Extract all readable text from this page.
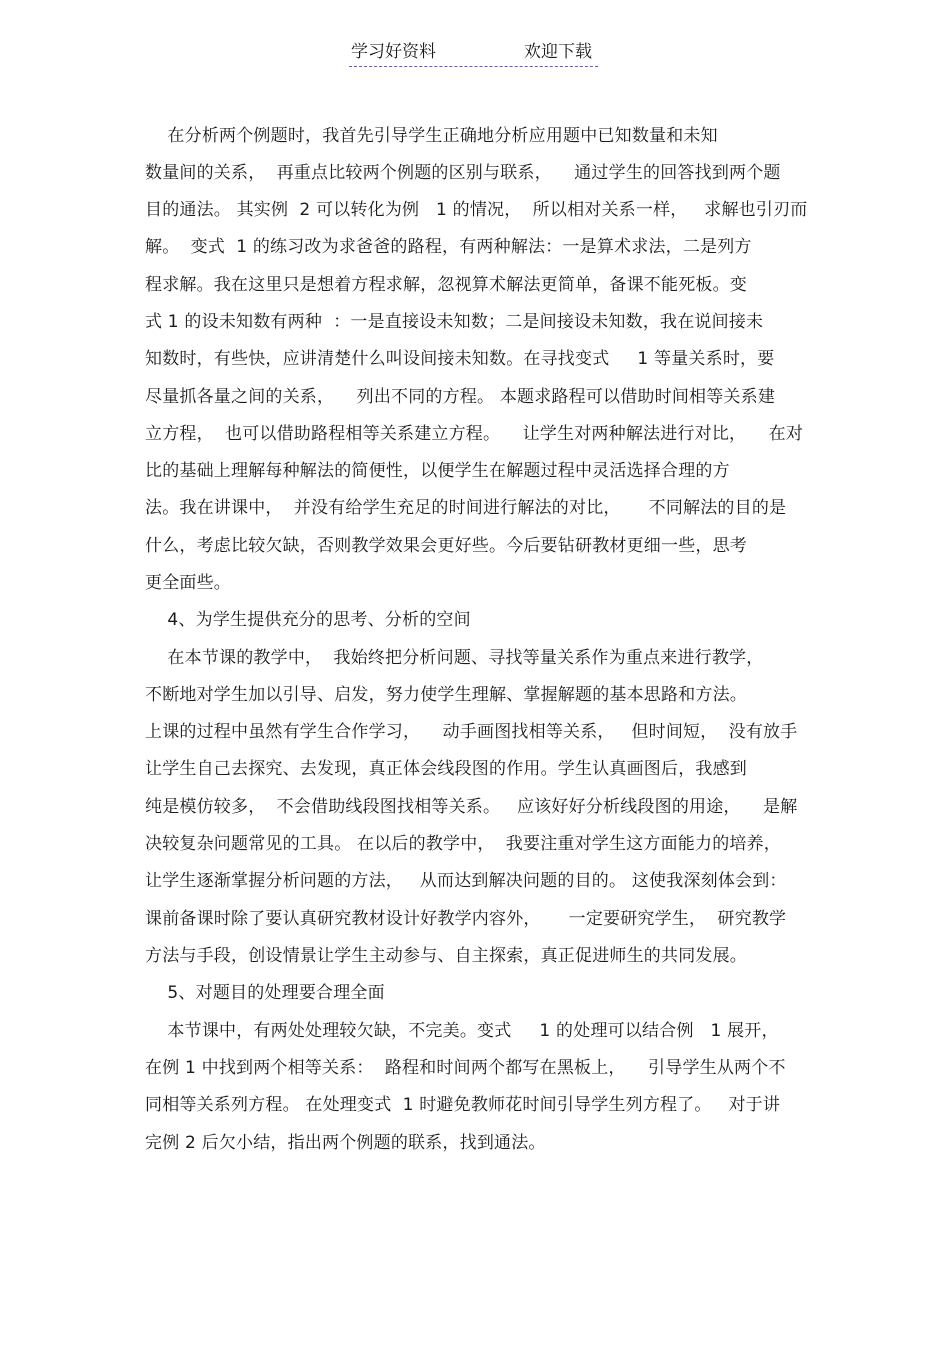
学习好资料	欢迎下载
在分析两个例题时，我首先引导学生正确地分析应用题中已知数量和未知
数量间的关系，  再重点比较两个例题的区别与联系，    通过学生的回答找到两个题
目的通法。 其实例  2 可以转化为例   1 的情况，  所以相对关系一样，   求解也引刃而
解。  变式  1 的练习改为求爸爸的路程，有两种解法：一是算术求法，二是列方
程求解。我在这里只是想着方程求解，忽视算术解法更简单，备课不能死板。变
式 1 的设未知数有两种  ：一是直接设未知数；二是间接设未知数，我在说间接未
知数时，有些快，应讲清楚什么叫设间接未知数。在寻找变式     1 等量关系时，要
尽量抓各量之间的关系，    列出不同的方程。 本题求路程可以借助时间相等关系建
立方程，  也可以借助路程相等关系建立方程。    让学生对两种解法进行对比，    在对
比的基础上理解每种解法的简便性，以便学生在解题过程中灵活选择合理的方
法。我在讲课中，  并没有给学生充足的时间进行解法的对比，     不同解法的目的是
什么，考虑比较欠缺，否则教学效果会更好些。今后要钻研教材更细一些，思考
更全面些。
4、为学生提供充分的思考、分析的空间
在本节课的教学中，  我始终把分析问题、寻找等量关系作为重点来进行教学，
不断地对学生加以引导、启发，努力使学生理解、掌握解题的基本思路和方法。
上课的过程中虽然有学生合作学习，    动手画图找相等关系，   但时间短，  没有放手
让学生自己去探究、去发现，真正体会线段图的作用。学生认真画图后，我感到
纯是模仿较多，  不会借助线段图找相等关系。   应该好好分析线段图的用途，    是解
决较复杂问题常见的工具。 在以后的教学中，  我要注重对学生这方面能力的培养，
让学生逐渐掌握分析问题的方法，   从而达到解决问题的目的。 这使我深刻体会到：
课前备课时除了要认真研究教材设计好教学内容外，     一定要研究学生，  研究教学
方法与手段，创设情景让学生主动参与、自主探索，真正促进师生的共同发展。
5、对题目的处理要合理全面
本节课中，有两处处理较欠缺，不完美。变式     1 的处理可以结合例   1 展开，
在例 1 中找到两个相等关系：  路程和时间两个都写在黑板上，    引导学生从两个不
同相等关系列方程。 在处理变式  1 时避免教师花时间引导学生列方程了。   对于讲
完例 2 后欠小结，指出两个例题的联系，找到通法。
